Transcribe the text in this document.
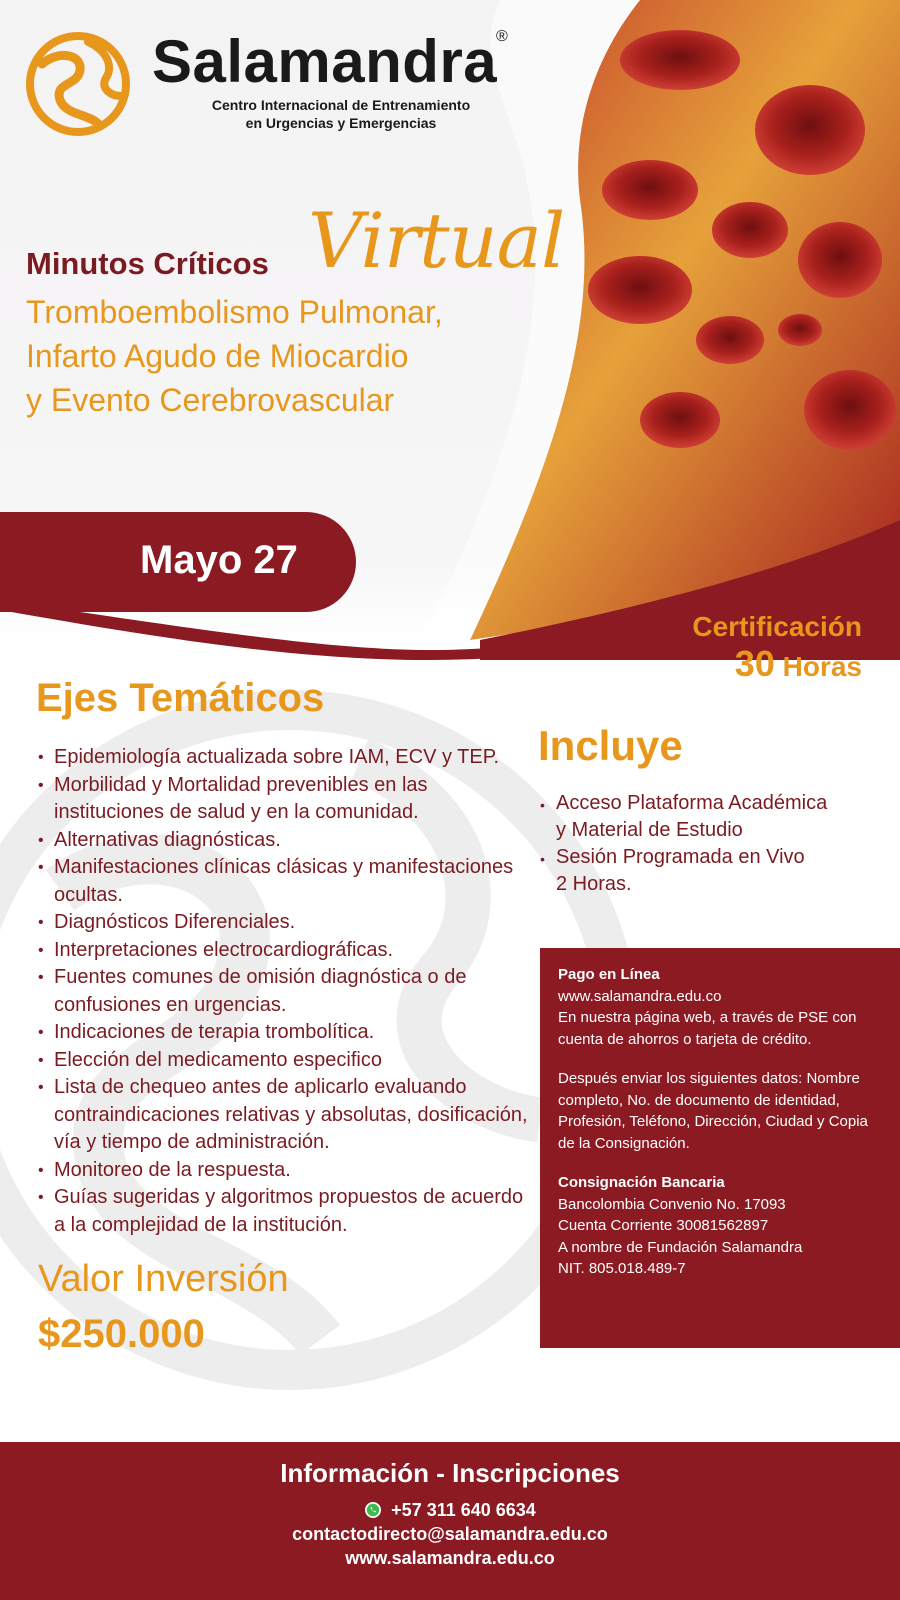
Salamandra
®
Centro Internacional de Entrenamiento
en Urgencias y Emergencias
Minutos Críticos Virtual
Tromboembolismo Pulmonar,
Infarto Agudo de Miocardio
y Evento Cerebrovascular
Mayo 27
Certificación
30 Horas
Ejes Temáticos
• Epidemiología actualizada sobre IAM, ECV y TEP.
• Morbilidad y Mortalidad prevenibles en las instituciones de salud y en la comunidad.
• Alternativas diagnósticas.
• Manifestaciones clínicas clásicas y manifestaciones ocultas.
• Diagnósticos Diferenciales.
• Interpretaciones electrocardiográficas.
• Fuentes comunes de omisión diagnóstica o de confusiones en urgencias.
• Indicaciones de terapia trombolítica.
• Elección del medicamento especifico
• Lista de chequeo antes de aplicarlo evaluando contraindicaciones relativas y absolutas, dosificación, vía y tiempo de administración.
• Monitoreo de la respuesta.
• Guías sugeridas y algoritmos propuestos de acuerdo a la complejidad de la institución.
Valor Inversión
$250.000
Incluye
• Acceso Plataforma Académica
y Material de Estudio
• Sesión Programada en Vivo
2 Horas.
Pago en Línea
www.salamandra.edu.co
En nuestra página web, a través de PSE con cuenta de ahorros o tarjeta de crédito.
Después enviar los siguientes datos: Nombre completo, No. de documento de identidad, Profesión, Teléfono, Dirección, Ciudad y Copia de la Consignación.
Consignación Bancaria
Bancolombia Convenio No. 17093
Cuenta Corriente 30081562897
A nombre de Fundación Salamandra
NIT. 805.018.489-7
Información - Inscripciones
+57 311 640 6634
contactodirecto@salamandra.edu.co
www.salamandra.edu.co
